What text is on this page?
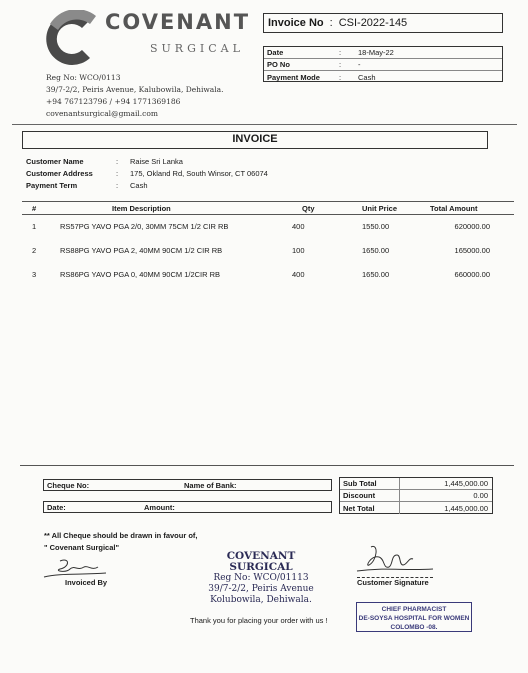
COVENANT
SURGICAL
Reg No: WCO/0113
39/7-2/2, Peiris Avenue, Kalubowila, Dehiwala.
+94 767123796 / +94 1771369186
covenantsurgical@gmail.com
Invoice No : CSI-2022-145
Date	:	18-May-22
PO No	:	-
Payment Mode	:	Cash
INVOICE
Customer Name	:	Raise Sri Lanka
Customer Address	:	175, Okland Rd, South Winsor, CT 06074
Payment Term	:	Cash
#	Item Description	Qty	Unit Price	Total Amount
1	RS57PG YAVO PGA 2/0, 30MM 75CM 1/2 CIR RB	400	1550.00	620000.00
2	RS88PG YAVO PGA 2, 40MM 90CM 1/2 CIR RB	100	1650.00	165000.00
3	RS86PG YAVO PGA 0, 40MM 90CM 1/2CIR RB	400	1650.00	660000.00
Cheque No:	Name of Bank:
Date:	Amount:
Sub Total	1,445,000.00
Discount	0.00
Net Total	1,445,000.00
** All Cheque should be drawn in favour of,
" Covenant Surgical"
Invoiced By
COVENANT SURGICAL
Reg No: WCO/01113
39/7-2/2, Peiris Avenue
Kolubowila, Dehiwala.
Customer Signature
Thank you for placing your order with us !
CHIEF PHARMACIST
DE-SOYSA HOSPITAL FOR WOMEN
COLOMBO -08.
